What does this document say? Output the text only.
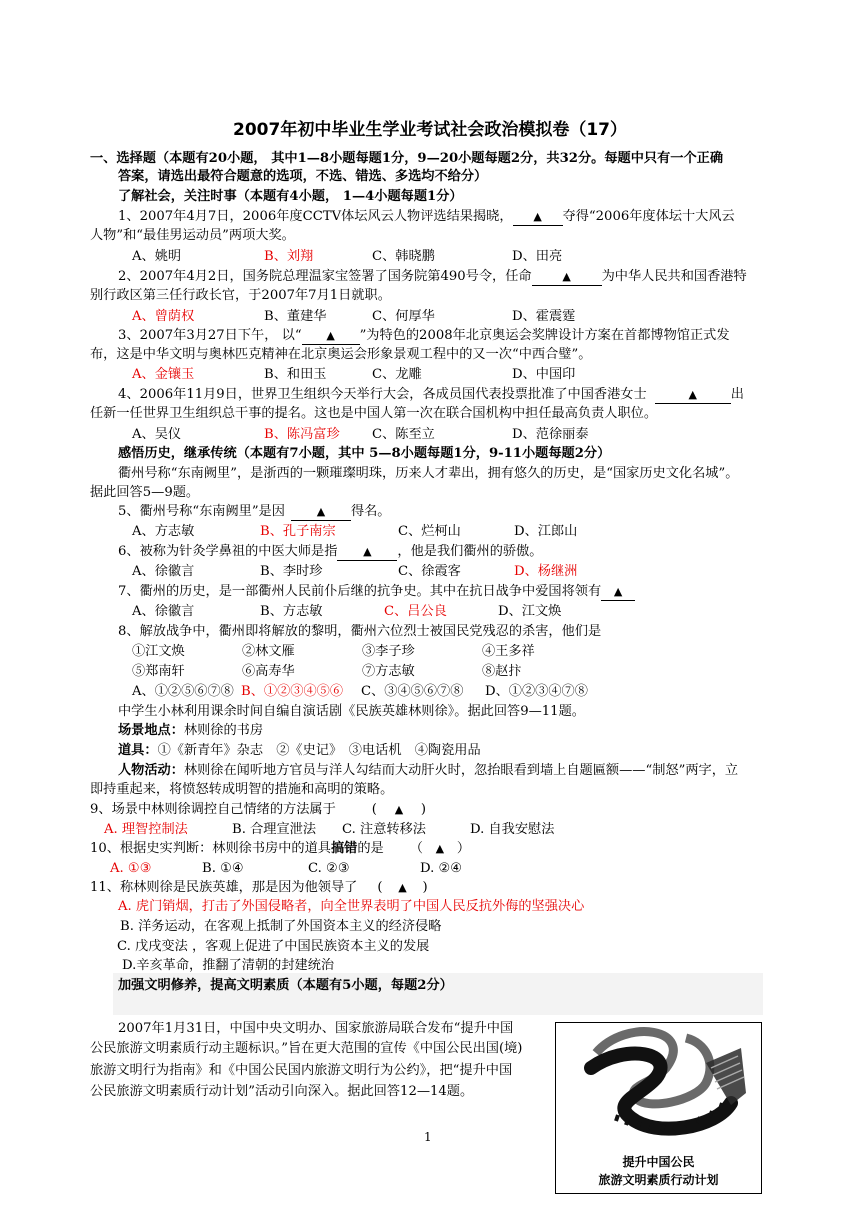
2007年初中毕业生学业考试社会政治模拟卷（17）
一、选择题（本题有20小题， 其中1—8小题每题1分，9—20小题每题2分，共32分。每题中只有一个正确
答案，请选出最符合题意的选项，不选、错选、多选均不给分）
了解社会，关注时事（本题有4小题， 1—4小题每题1分）
1、2007年4月7日，2006年度CCTV体坛风云人物评选结果揭晓， ▲ 夺得“2006年度体坛十大风云
人物”和“最佳男运动员”两项大奖。
A、姚明	B、刘翔	C、韩晓鹏	D、田亮
2、2007年4月2日，国务院总理温家宝签署了国务院第490号令，任命	▲ 为中华人民共和国香港特
别行政区第三任行政长官，于2007年7月1日就职。
A、曾荫权	B、董建华	C、何厚华	D、霍震霆
3、2007年3月27日下午， 以“ ▲ ”为特色的2008年北京奥运会奖牌设计方案在首都博物馆正式发
布，这是中华文明与奥林匹克精神在北京奥运会形象景观工程中的又一次“中西合璧”。
A、金镶玉	B、和田玉	C、龙雕	D、中国印
4、2006年11月9日，世界卫生组织今天举行大会，各成员国代表投票批准了中国香港女士	▲	出
任新一任世界卫生组织总干事的提名。这也是中国人第一次在联合国机构中担任最高负责人职位。
A、吴仪	B、陈冯富珍 C、陈至立	D、范徐丽泰
感悟历史，继承传统（本题有7小题，其中 5—8小题每题1分，9-11小题每题2分）
衢州号称“东南阙里”，是浙西的一颗璀璨明珠，历来人才辈出，拥有悠久的历史，是“国家历史文化名城”。
据此回答5—9题。
5、衢州号称“东南阙里”是因	▲ 得名。
A、方志敏	B、孔子南宗	C、烂柯山	D、江郎山
6、被称为针灸学鼻祖的中医大师是指 ▲ ，他是我们衢州的骄傲。
A、徐徽言	B、李时珍	C、徐霞客	D、杨继洲
7、衢州的历史，是一部衢州人民前仆后继的抗争史。其中在抗日战争中爱国将领有 ▲
A、徐徽言	B、方志敏	C、吕公良	D、江文焕
8、解放战争中，衢州即将解放的黎明，衢州六位烈士被国民党残忍的杀害，他们是
①江文焕	②林文雁	③李子珍	④王多祥
⑤郑南轩	⑥高寿华	⑦方志敏	⑧赵抃
A、①②⑤⑥⑦⑧ B、①②③④⑤⑥ C、③④⑤⑥⑦⑧ D、①②③④⑦⑧
中学生小林利用课余时间自编自演话剧《民族英雄林则徐》。据此回答9—11题。
场景地点：林则徐的书房
道具：①《新青年》杂志　②《史记》　③电话机　④陶瓷用品
人物活动：林则徐在闻听地方官员与洋人勾结而大动肝火时，忽抬眼看到墙上自题匾额——“制怒”两字，立
即持重起来，将愤怒转成明智的措施和高明的策略。
9、场景中林则徐调控自己情绪的方法属于	( ▲ )
A. 理智控制法	B. 合理宣泄法 C. 注意转移法	D. 自我安慰法
10、根据史实判断：林则徐书房中的道具搞错的是 （ ▲ ）
A. ①③	B. ①④	C. ②③	D. ②④
11、称林则徐是民族英雄，那是因为他领导了 ( ▲ )
A. 虎门销烟，打击了外国侵略者，向全世界表明了中国人民反抗外侮的坚强决心
B. 洋务运动，在客观上抵制了外国资本主义的经济侵略
C. 戊戌变法 ，客观上促进了中国民族资本主义的发展
D.辛亥革命，推翻了清朝的封建统治
加强文明修养，提高文明素质（本题有5小题，每题2分）
2007年1月31日，中国中央文明办、国家旅游局联合发布“提升中国
公民旅游文明素质行动主题标识。”旨在更大范围的宣传《中国公民出国(境)
旅游文明行为指南》和《中国公民国内旅游文明行为公约》，把“提升中国
公民旅游文明素质行动计划”活动引向深入。据此回答12—14题。
1
提升中国公民
旅游文明素质行动计划
